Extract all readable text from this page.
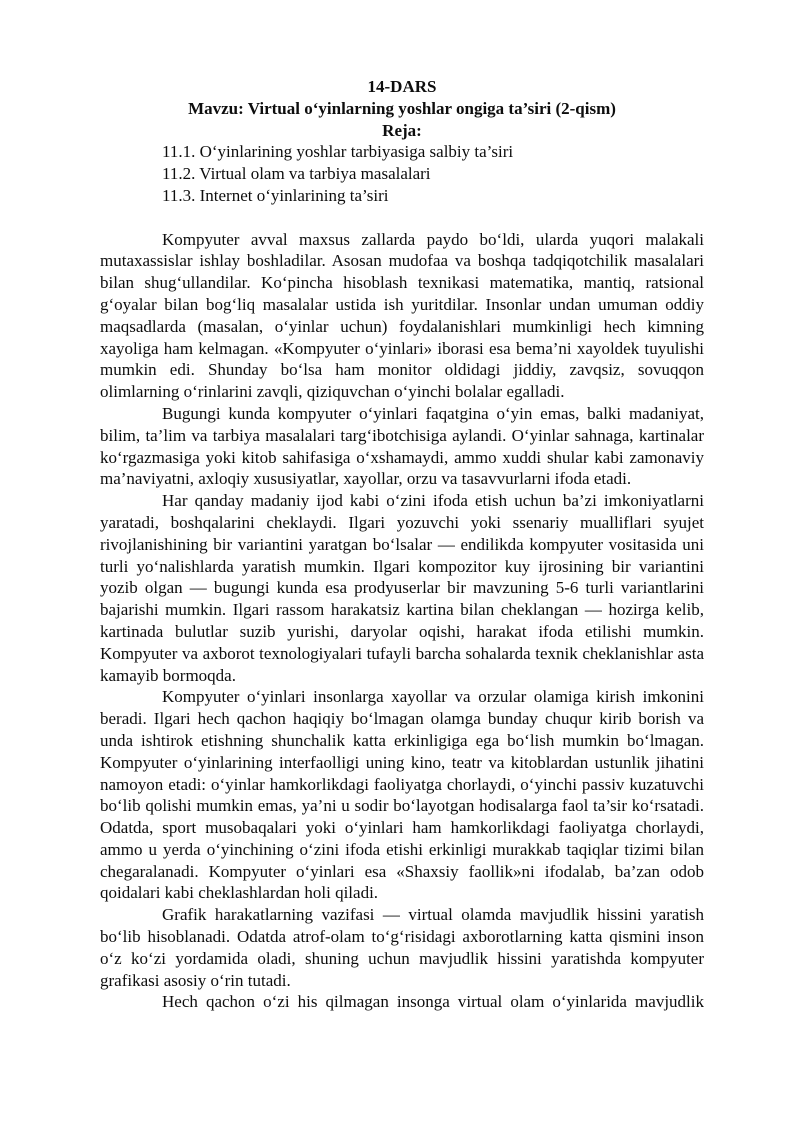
14-DARS
Mavzu: Virtual oʻyinlarning yoshlar ongiga ta’siri (2-qism)
Reja:
11.1. Oʻyinlarining yoshlar tarbiyasiga salbiy ta’siri
11.2. Virtual olam va tarbiya masalalari
11.3. Internet oʻyinlarining ta’siri

Kompyuter avval maxsus zallarda paydo boʻldi, ularda yuqori malakali mutaxassislar ishlay boshladilar. Asosan mudofaa va boshqa tadqiqotchilik masalalari bilan shugʻullandilar. Koʻpincha hisoblash texnikasi matematika, mantiq, ratsional gʻoyalar bilan bogʻliq masalalar ustida ish yuritdilar. Insonlar undan umuman oddiy maqsadlarda (masalan, oʻyinlar uchun) foydalanishlari mumkinligi hech kimning xayoliga ham kelmagan. «Kompyuter oʻyinlari» iborasi esa bema’ni xayoldek tuyulishi mumkin edi. Shunday boʻlsa ham monitor oldidagi jiddiy, zavqsiz, sovuqqon olimlarning oʻrinlarini zavqli, qiziquvchan oʻyinchi bolalar egalladi.

Bugungi kunda kompyuter oʻyinlari faqatgina oʻyin emas, balki madaniyat, bilim, ta’lim va tarbiya masalalari targʻibotchisiga aylandi. Oʻyinlar sahnaga, kartinalar koʻrgazmasiga yoki kitob sahifasiga oʻxshamaydi, ammo xuddi shular kabi zamonaviy ma’naviyatni, axloqiy xususiyatlar, xayollar, orzu va tasavvurlarni ifoda etadi.

Har qanday madaniy ijod kabi oʻzini ifoda etish uchun ba’zi imkoniyatlarni yaratadi, boshqalarini cheklaydi. Ilgari yozuvchi yoki ssenariy mualliflari syujet rivojlanishining bir variantini yaratgan boʻlsalar — endilikda kompyuter vositasida uni turli yoʻnalishlarda yaratish mumkin. Ilgari kompozitor kuy ijrosining bir variantini yozib olgan — bugungi kunda esa prodyuserlar bir mavzuning 5-6 turli variantlarini bajarishi mumkin. Ilgari rassom harakatsiz kartina bilan cheklangan — hozirga kelib, kartinada bulutlar suzib yurishi, daryolar oqishi, harakat ifoda etilishi mumkin. Kompyuter va axborot texnologiyalari tufayli barcha sohalarda texnik cheklanishlar asta kamayib bormoqda.

Kompyuter oʻyinlari insonlarga xayollar va orzular olamiga kirish imkonini beradi. Ilgari hech qachon haqiqiy boʻlmagan olamga bunday chuqur kirib borish va unda ishtirok etishning shunchalik katta erkinligiga ega boʻlish mumkin boʻlmagan. Kompyuter oʻyinlarining interfaolligi uning kino, teatr va kitoblardan ustunlik jihatini namoyon etadi: oʻyinlar hamkorlikdagi faoliyatga chorlaydi, oʻyinchi passiv kuzatuvchi boʻlib qolishi mumkin emas, ya’ni u sodir boʻlayotgan hodisalarga faol ta’sir koʻrsatadi. Odatda, sport musobaqalari yoki oʻyinlari ham hamkorlikdagi faoliyatga chorlaydi, ammo u yerda oʻyinchining oʻzini ifoda etishi erkinligi murakkab taqiqlar tizimi bilan chegaralanadi. Kompyuter oʻyinlari esa «Shaxsiy faollik»ni ifodalab, ba’zan odob qoidalari kabi cheklashlardan holi qiladi.

Grafik harakatlarning vazifasi — virtual olamda mavjudlik hissini yaratish boʻlib hisoblanadi. Odatda atrof-olam toʻgʻrisidagi axborotlarning katta qismini inson oʻz koʻzi yordamida oladi, shuning uchun mavjudlik hissini yaratishda kompyuter grafikasi asosiy oʻrin tutadi.

Hech qachon oʻzi his qilmagan insonga virtual olam oʻyinlarida mavjudlik
